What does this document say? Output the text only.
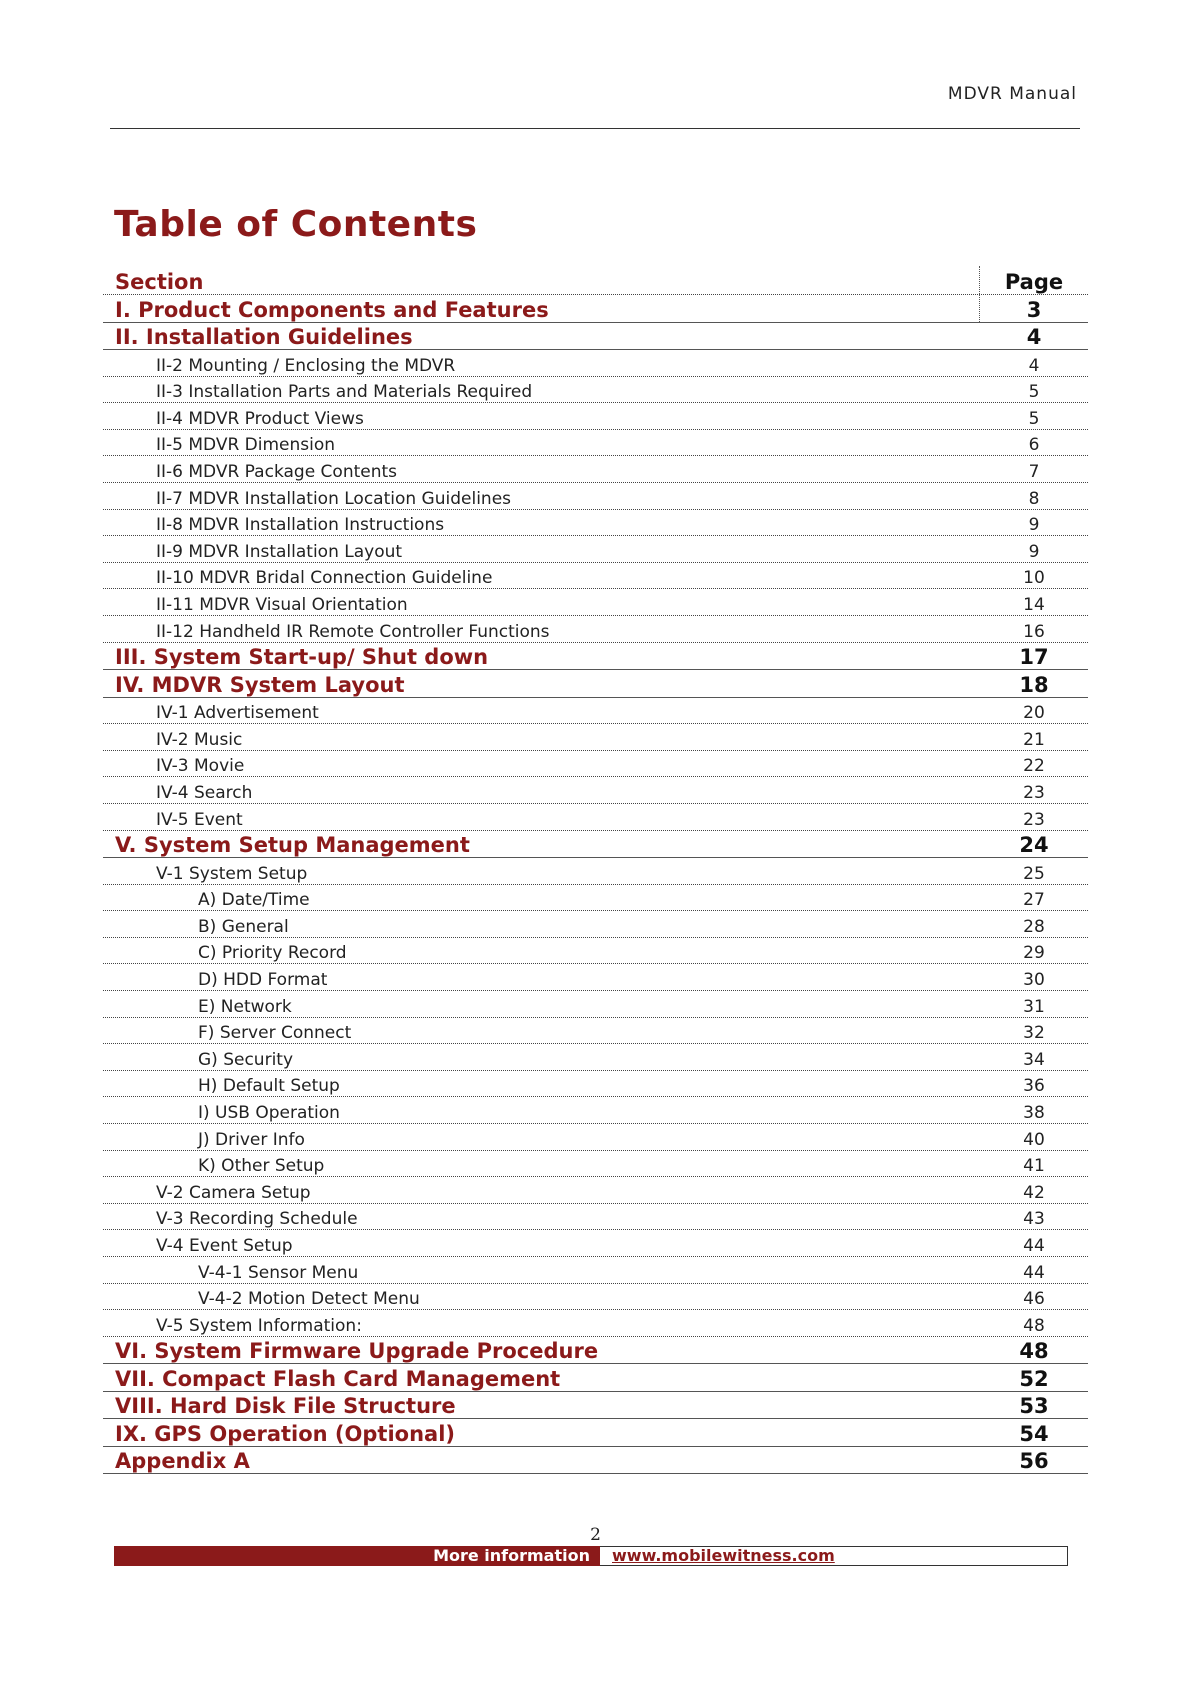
MDVR Manual
Table of Contents
Section	Page
I. Product Components and Features	3
II. Installation Guidelines	4
II-2 Mounting / Enclosing the MDVR	4
II-3 Installation Parts and Materials Required	5
II-4 MDVR Product Views	5
II-5 MDVR Dimension	6
II-6 MDVR Package Contents	7
II-7 MDVR Installation Location Guidelines	8
II-8 MDVR Installation Instructions	9
II-9 MDVR Installation Layout	9
II-10 MDVR Bridal Connection Guideline	10
II-11 MDVR Visual Orientation	14
II-12 Handheld IR Remote Controller Functions	16
III. System Start-up/ Shut down	17
IV. MDVR System Layout	18
IV-1 Advertisement	20
IV-2 Music	21
IV-3 Movie	22
IV-4 Search	23
IV-5 Event	23
V. System Setup Management	24
V-1 System Setup	25
A) Date/Time	27
B) General	28
C) Priority Record	29
D) HDD Format	30
E) Network	31
F) Server Connect	32
G) Security	34
H) Default Setup	36
I) USB Operation	38
J) Driver Info	40
K) Other Setup	41
V-2 Camera Setup	42
V-3 Recording Schedule	43
V-4 Event Setup	44
V-4-1 Sensor Menu	44
V-4-2 Motion Detect Menu	46
V-5 System Information:	48
VI. System Firmware Upgrade Procedure	48
VII. Compact Flash Card Management	52
VIII. Hard Disk File Structure	53
IX. GPS Operation (Optional)	54
Appendix A	56
2
More information	www.mobilewitness.com
